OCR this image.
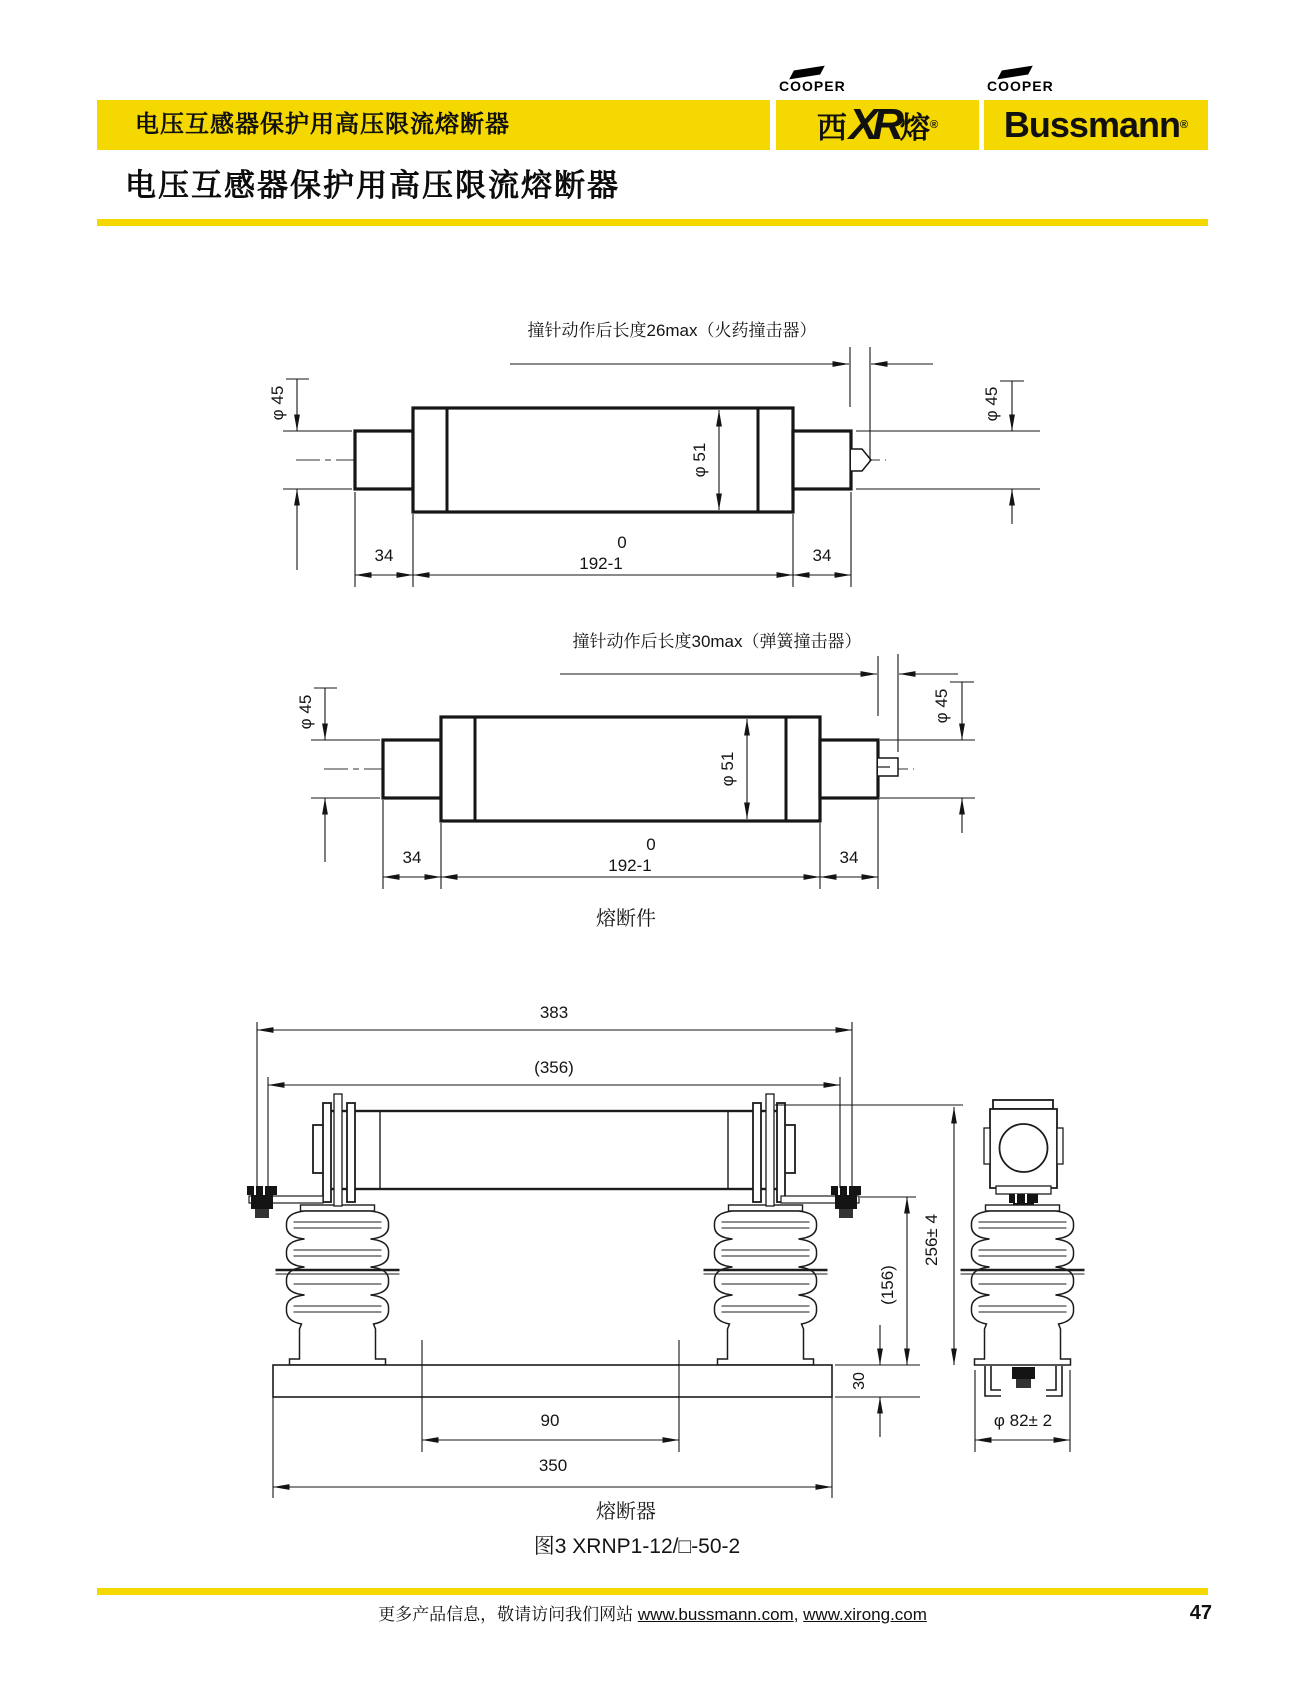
电压互感器保护用高压限流熔断器
COOPER
西 XR 熔 ®
COOPER
Bussmann ®
电压互感器保护用高压限流熔断器
撞针动作后长度26max（火药撞击器）
φ 45	φ 45
φ 51
34
0
192-1	34
撞针动作后长度30max（弹簧撞击器）
φ 45	φ 45
φ 51
34
0
192-1	34
熔断件
383
(356)
256± 4
(156)
30
90
350
φ 82± 2
熔断器
图3 XRNP1-12/□-50-2
更多产品信息，敬请访问我们网站 www.bussmann.com, www.xirong.com	47
